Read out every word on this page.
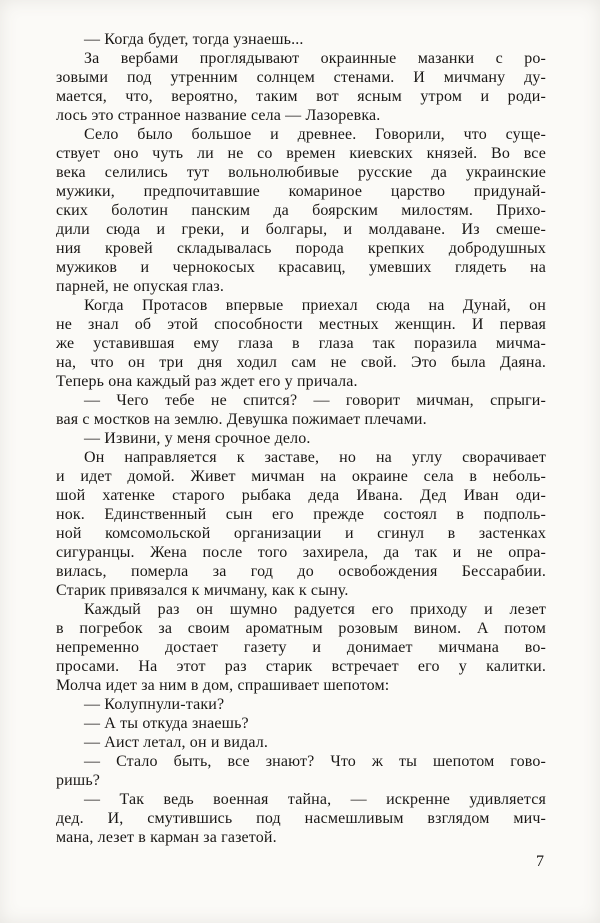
— Когда будет, тогда узнаешь...
За вербами проглядывают окраинные мазанки с ро-
зовыми под утренним солнцем стенами. И мичману ду-
мается, что, вероятно, таким вот ясным утром и роди-
лось это странное название села — Лазоревка.
Село было большое и древнее. Говорили, что суще-
ствует оно чуть ли не со времен киевских князей. Во все
века селились тут вольнолюбивые русские да украинские
мужики, предпочитавшие комариное царство придунай-
ских болотин панским да боярским милостям. Прихо-
дили сюда и греки, и болгары, и молдаване. Из смеше-
ния кровей складывалась порода крепких добродушных
мужиков и чернокосых красавиц, умевших глядеть на
парней, не опуская глаз.
Когда Протасов впервые приехал сюда на Дунай, он
не знал об этой способности местных женщин. И первая
же уставившая ему глаза в глаза так поразила мичма-
на, что он три дня ходил сам не свой. Это была Даяна.
Теперь она каждый раз ждет его у причала.
— Чего тебе не спится? — говорит мичман, спрыги-
вая с мостков на землю. Девушка пожимает плечами.
— Извини, у меня срочное дело.
Он направляется к заставе, но на углу сворачивает
и идет домой. Живет мичман на окраине села в неболь-
шой хатенке старого рыбака деда Ивана. Дед Иван оди-
нок. Единственный сын его прежде состоял в подполь-
ной комсомольской организации и сгинул в застенках
сигуранцы. Жена после того захирела, да так и не опра-
вилась, померла за год до освобождения Бессарабии.
Старик привязался к мичману, как к сыну.
Каждый раз он шумно радуется его приходу и лезет
в погребок за своим ароматным розовым вином. А потом
непременно достает газету и донимает мичмана во-
просами. На этот раз старик встречает его у калитки.
Молча идет за ним в дом, спрашивает шепотом:
— Колупнули-таки?
— А ты откуда знаешь?
— Аист летал, он и видал.
— Стало быть, все знают? Что ж ты шепотом гово-
ришь?
— Так ведь военная тайна, — искренне удивляется
дед. И, смутившись под насмешливым взглядом мич-
мана, лезет в карман за газетой.
7
